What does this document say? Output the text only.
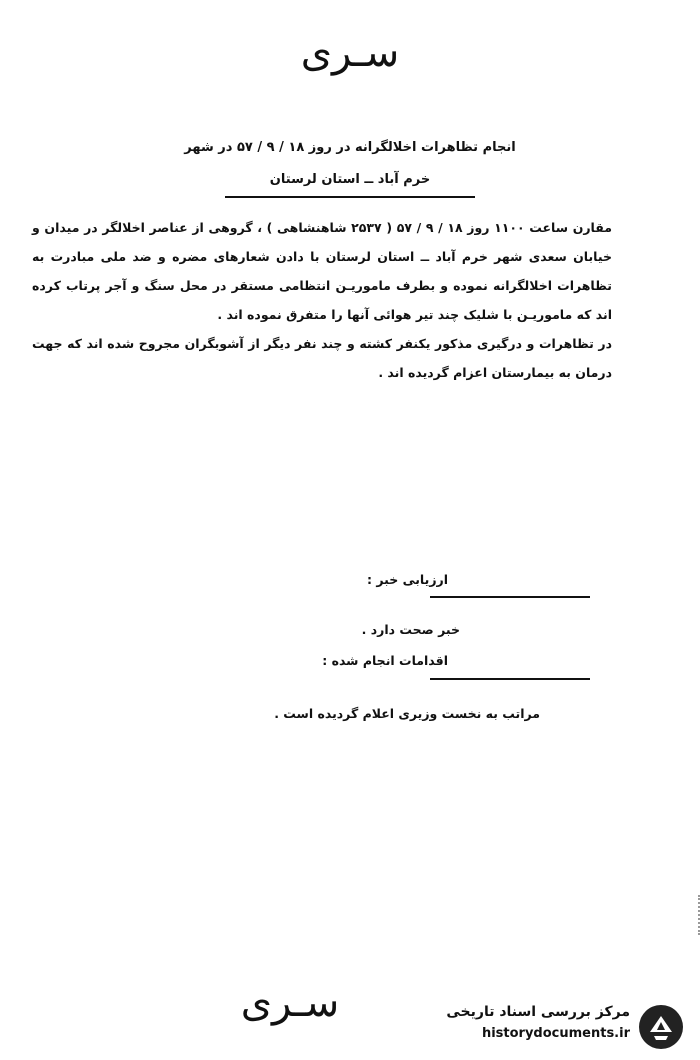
سـرى
انجام تظاهرات اخلالگرانه در روز ۱۸ / ۹ / ۵۷ در شهر
خرم آباد ــ استان لرستان

مقارن ساعت ۱۱۰۰ روز ۱۸ / ۹ / ۵۷ ( ۲۵۳۷ شاهنشاهی ) ، گروهی از عناصر اخلالگر در میدان و خیابان سعدی شهر خرم آباد ــ استان لرستان با دادن شعارهای مضره و ضد ملی مبادرت به تظاهرات اخلالگرانه نموده و بطرف ماموریـن انتظامی مستقر در محل سنگ و آجر پرتاب کرده اند که ماموریـن با شلیک چند تیر هوائی آنها را متفرق نموده اند .

در تظاهرات و درگیری مذکور یکنفر کشته و چند نفر دیگر از آشوبگران مجروح شده اند که جهت درمان به بیمارستان اعزام گردیده اند .

ارزیابی خبر :
خبر صحت دارد .
اقدامات انجام شده :
مراتب به نخست وزیری اعلام گردیده است .
سـرى	مرکز بررسی اسناد تاریخی
historydocuments.ir
